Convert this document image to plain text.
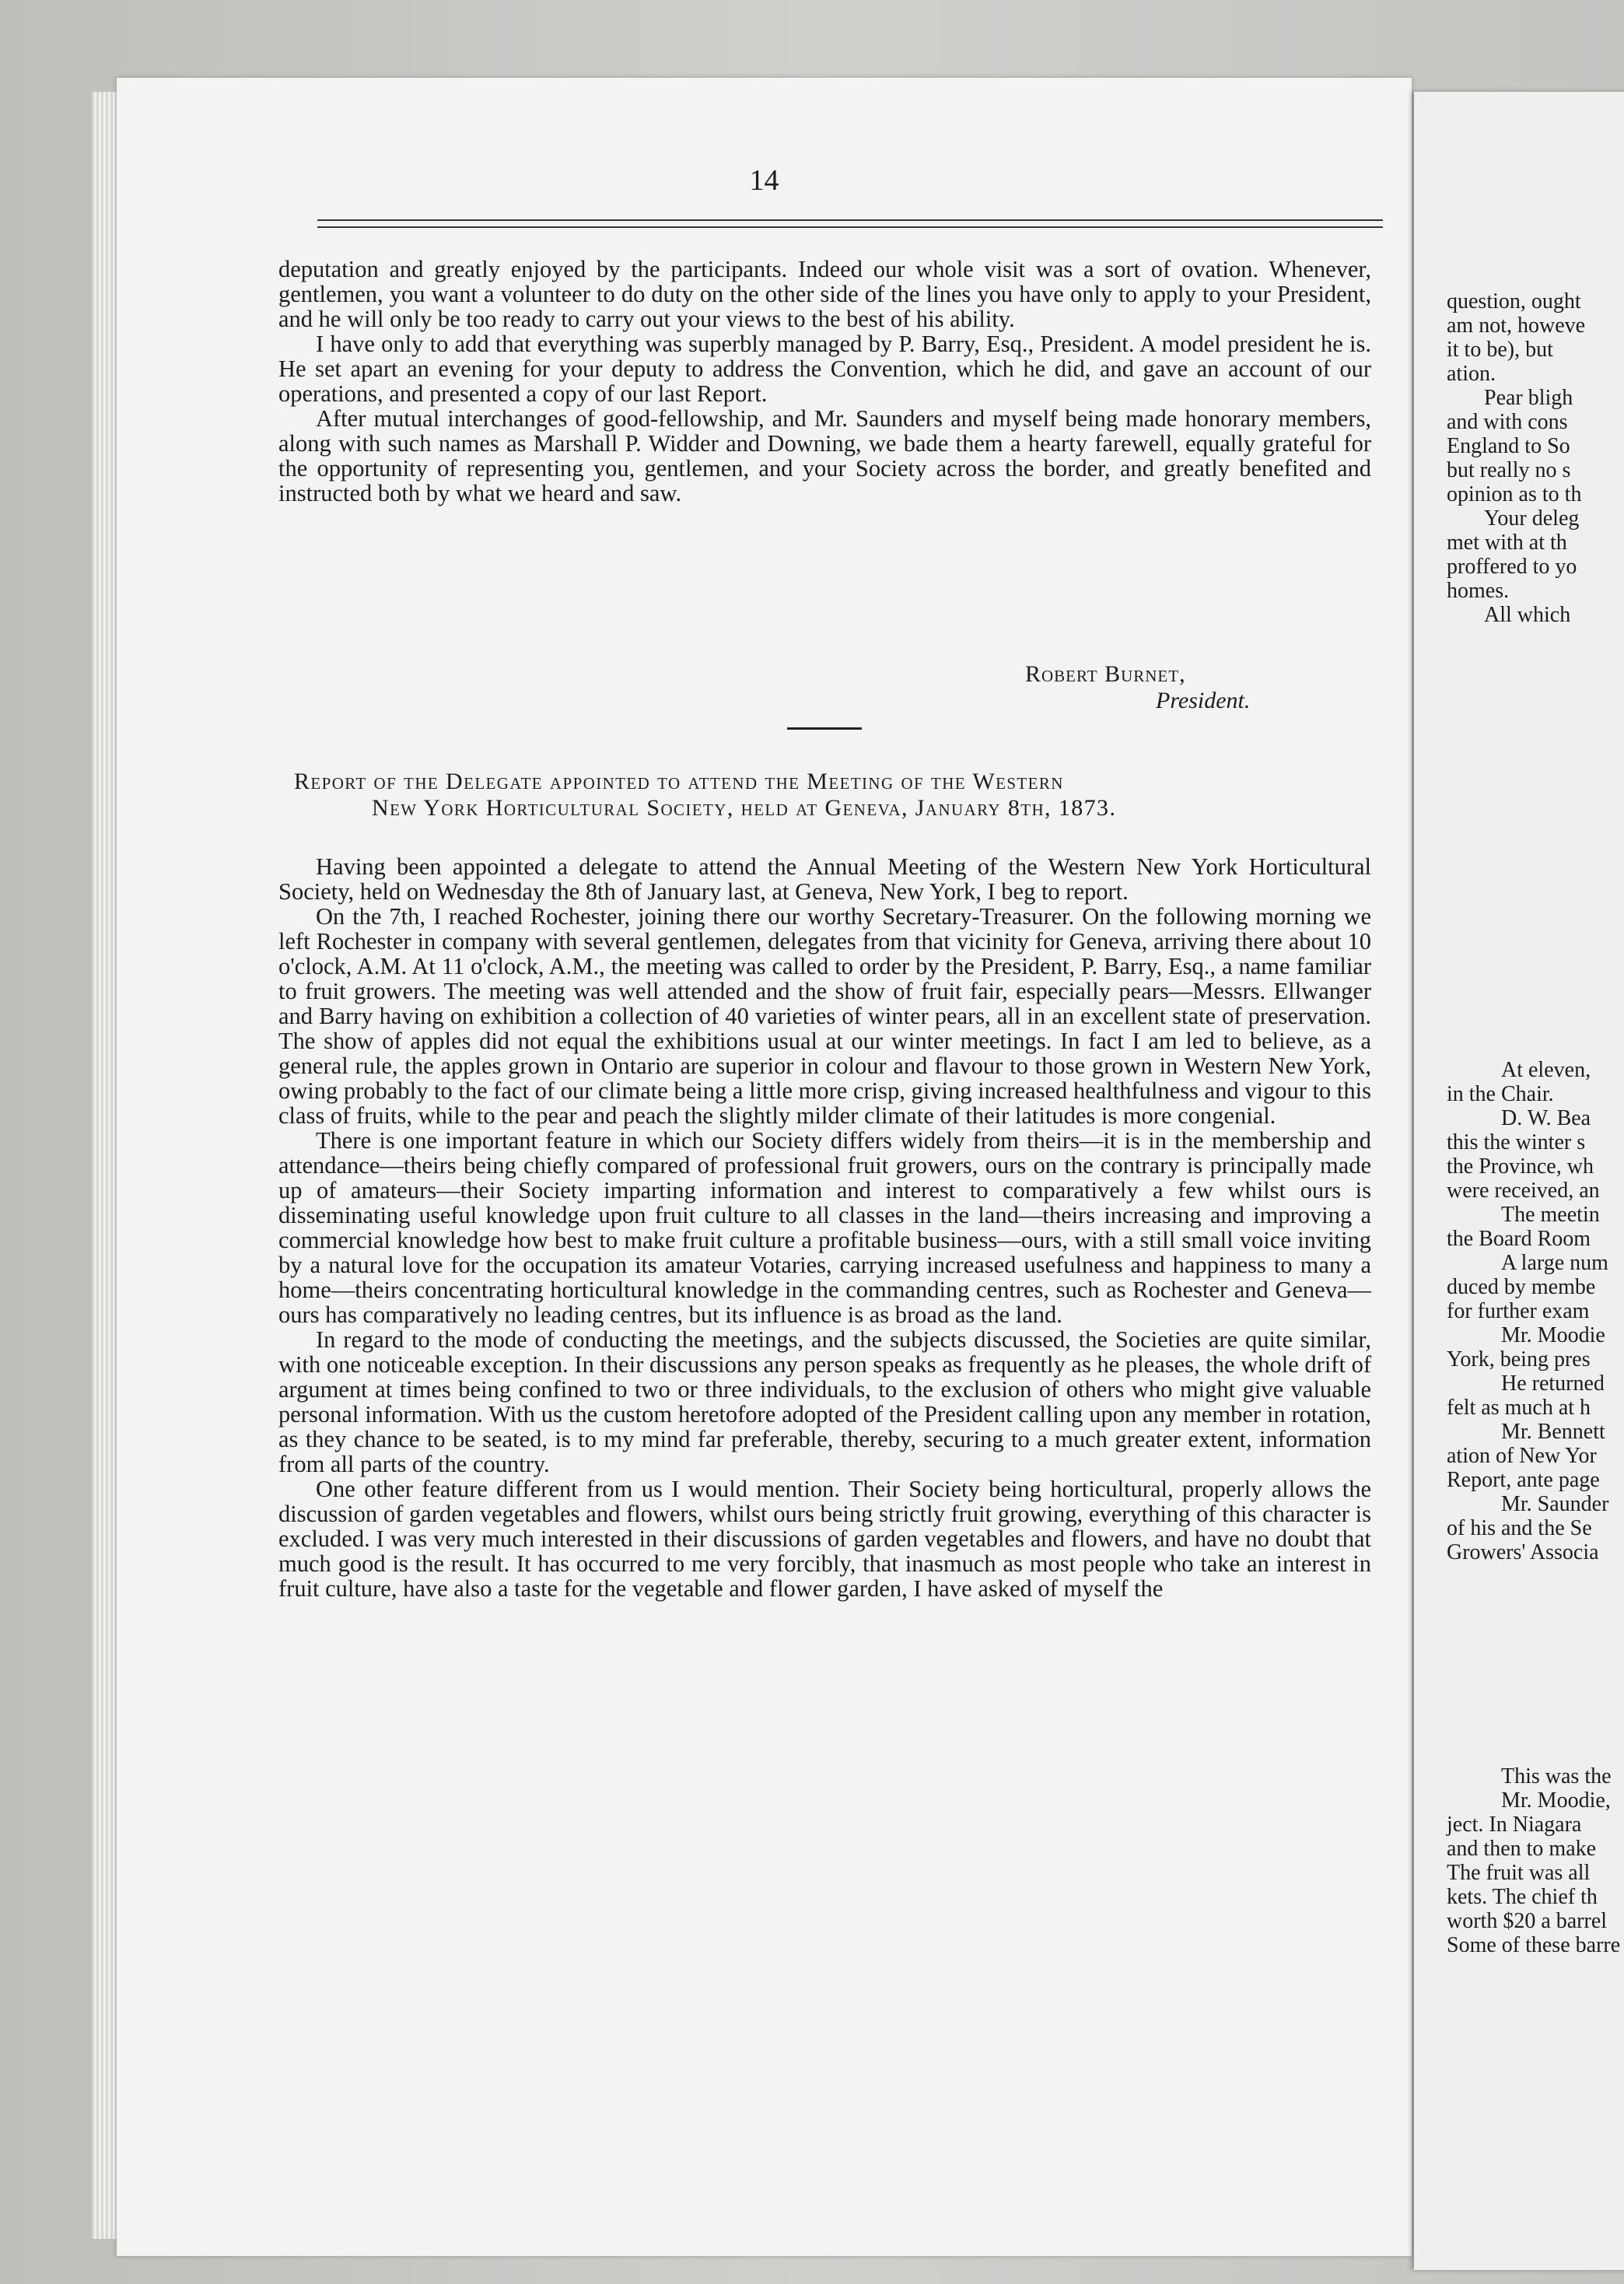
14

deputation and greatly enjoyed by the participants. Indeed our whole visit was a sort of ovation. Whenever, gentlemen, you want a volunteer to do duty on the other side of the lines you have only to apply to your President, and he will only be too ready to carry out your views to the best of his ability.

I have only to add that everything was superbly managed by P. Barry, Esq., President. A model president he is. He set apart an evening for your deputy to address the Convention, which he did, and gave an account of our operations, and presented a copy of our last Report.

After mutual interchanges of good-fellowship, and Mr. Saunders and myself being made honorary members, along with such names as Marshall P. Widder and Downing, we bade them a hearty farewell, equally grateful for the opportunity of representing you, gentlemen, and your Society across the border, and greatly benefited and instructed both by what we heard and saw.

Robert Burnet,
President.
Report of the Delegate appointed to attend the Meeting of the Western
New York Horticultural Society, held at Geneva, January 8th, 1873.

Having been appointed a delegate to attend the Annual Meeting of the Western New York Horticultural Society, held on Wednesday the 8th of January last, at Geneva, New York, I beg to report.

On the 7th, I reached Rochester, joining there our worthy Secretary-Treasurer. On the following morning we left Rochester in company with several gentlemen, delegates from that vicinity for Geneva, arriving there about 10 o'clock, A.M. At 11 o'clock, A.M., the meeting was called to order by the President, P. Barry, Esq., a name familiar to fruit growers. The meeting was well attended and the show of fruit fair, especially pears—Messrs. Ellwanger and Barry having on exhibition a collection of 40 varieties of winter pears, all in an excellent state of preservation. The show of apples did not equal the exhibitions usual at our winter meetings. In fact I am led to believe, as a general rule, the apples grown in Ontario are superior in colour and flavour to those grown in Western New York, owing probably to the fact of our climate being a little more crisp, giving increased healthfulness and vigour to this class of fruits, while to the pear and peach the slightly milder climate of their latitudes is more congenial.

There is one important feature in which our Society differs widely from theirs—it is in the membership and attendance—theirs being chiefly compared of professional fruit growers, ours on the contrary is principally made up of amateurs—their Society imparting information and interest to comparatively a few whilst ours is disseminating useful knowledge upon fruit culture to all classes in the land—theirs increasing and improving a commercial knowledge how best to make fruit culture a profitable business—ours, with a still small voice inviting by a natural love for the occupation its amateur Votaries, carrying increased usefulness and happiness to many a home—theirs concentrating horticultural knowledge in the commanding centres, such as Rochester and Geneva—ours has comparatively no leading centres, but its influence is as broad as the land.

In regard to the mode of conducting the meetings, and the subjects discussed, the Societies are quite similar, with one noticeable exception. In their discussions any person speaks as frequently as he pleases, the whole drift of argument at times being confined to two or three individuals, to the exclusion of others who might give valuable personal information. With us the custom heretofore adopted of the President calling upon any member in rotation, as they chance to be seated, is to my mind far preferable, thereby, securing to a much greater extent, information from all parts of the country.

One other feature different from us I would mention. Their Society being horticultural, properly allows the discussion of garden vegetables and flowers, whilst ours being strictly fruit growing, everything of this character is excluded. I was very much interested in their discussions of garden vegetables and flowers, and have no doubt that much good is the result. It has occurred to me very forcibly, that inasmuch as most people who take an interest in fruit culture, have also a taste for the vegetable and flower garden, I have asked of myself the

question, ought
am not, howeve
it to be), but
ation.
Pear bligh
and with cons
England to So
but really no s
opinion as to th
Your deleg
met with at th
proffered to yo
homes.
All which
At eleven,
in the Chair.
D. W. Bea
this the winter s
the Province, wh
were received, an
The meetin
the Board Room
A large num
duced by membe
for further exam
Mr. Moodie
York, being pres
He returned
felt as much at h
Mr. Bennett
ation of New Yor
Report, ante page
Mr. Saunder
of his and the Se
Growers' Associa
This was the
Mr. Moodie,
ject. In Niagara
and then to make
The fruit was all
kets. The chief th
worth $20 a barrel
Some of these barre
